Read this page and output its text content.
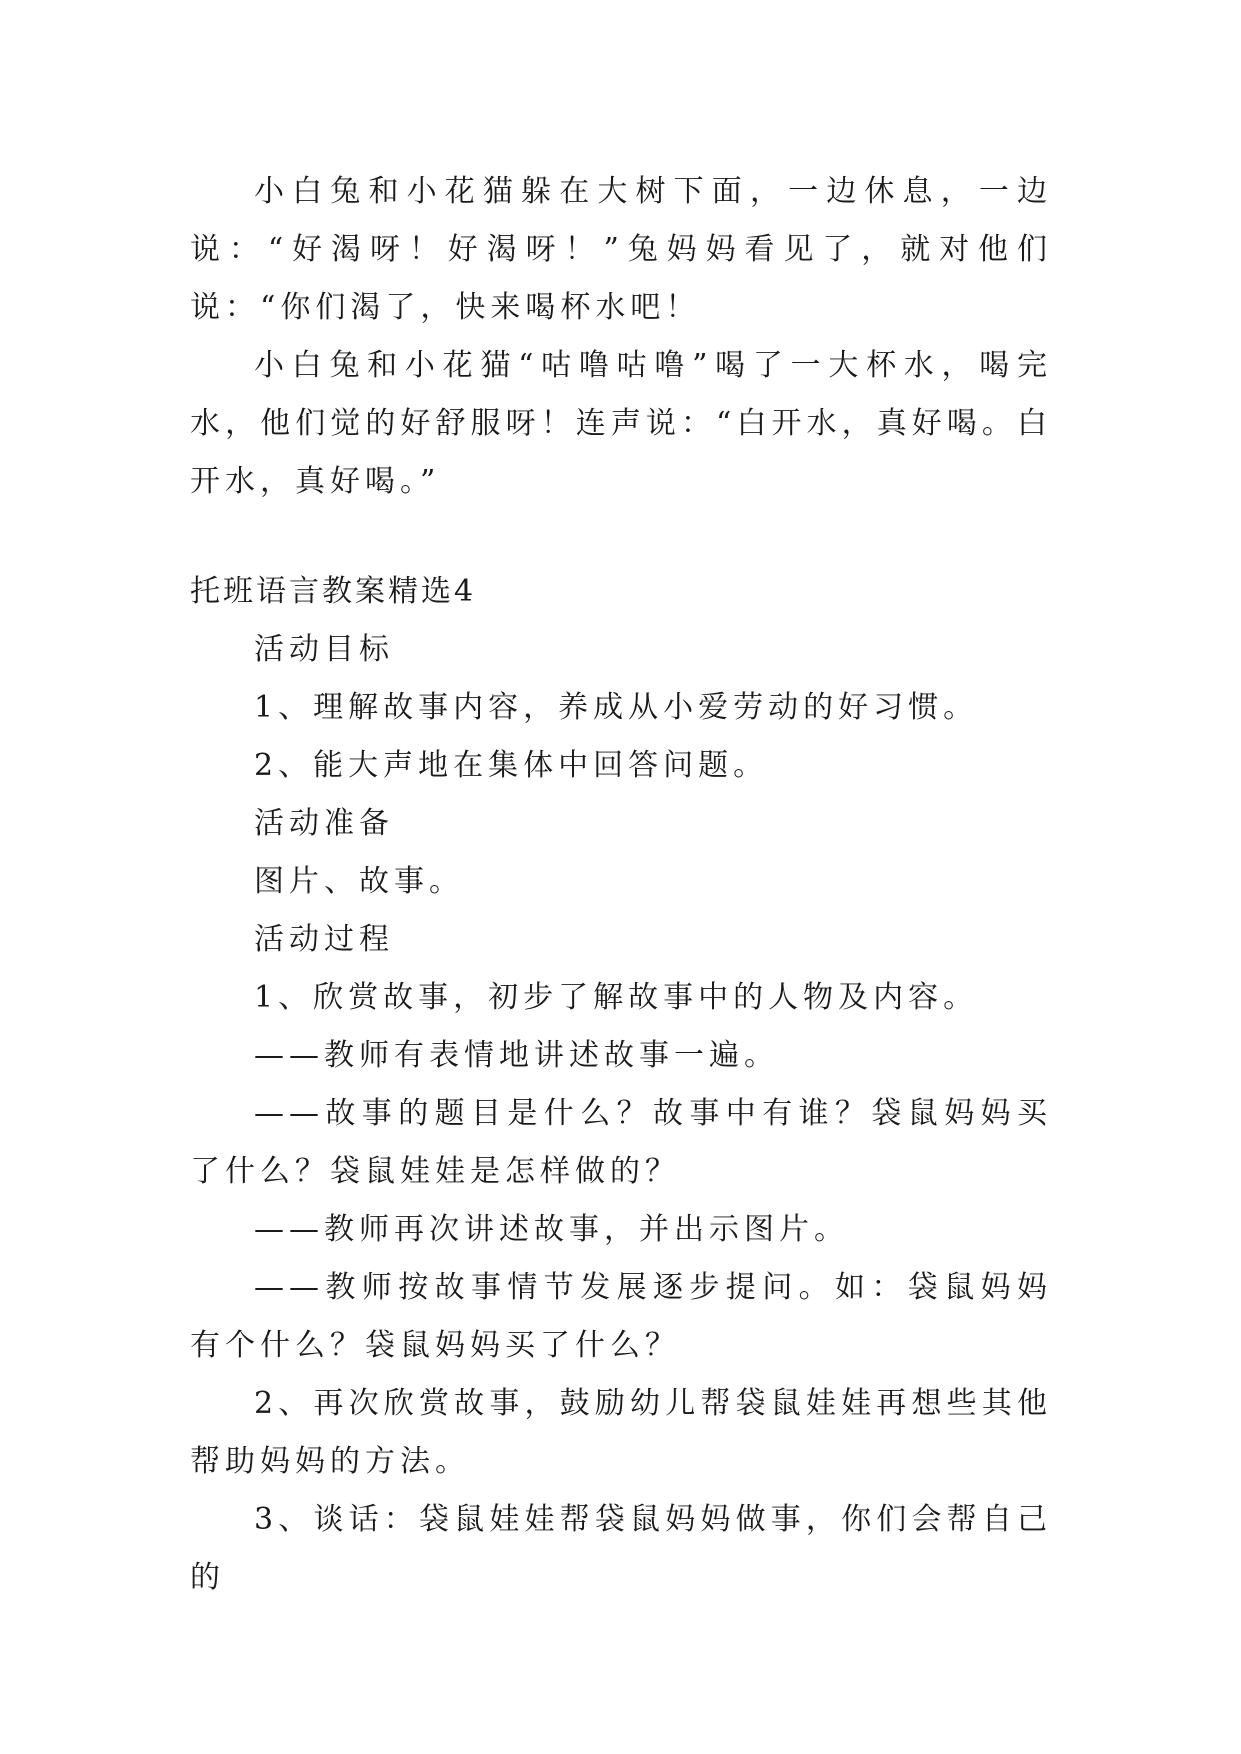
小白兔和小花猫躲在大树下面，一边休息，一边说：“好渴呀！好渴呀！”兔妈妈看见了，就对他们说：“你们渴了，快来喝杯水吧！

小白兔和小花猫“咕噜咕噜”喝了一大杯水，喝完水，他们觉的好舒服呀！连声说：“白开水，真好喝。白开水，真好喝。”

托班语言教案精选4

活动目标

1、理解故事内容，养成从小爱劳动的好习惯。

2、能大声地在集体中回答问题。

活动准备

图片、故事。

活动过程

1、欣赏故事，初步了解故事中的人物及内容。

——教师有表情地讲述故事一遍。

——故事的题目是什么？故事中有谁？袋鼠妈妈买了什么？袋鼠娃娃是怎样做的？

——教师再次讲述故事，并出示图片。

——教师按故事情节发展逐步提问。如：袋鼠妈妈有个什么？袋鼠妈妈买了什么？

2、再次欣赏故事，鼓励幼儿帮袋鼠娃娃再想些其他帮助妈妈的方法。

3、谈话：袋鼠娃娃帮袋鼠妈妈做事，你们会帮自己的
